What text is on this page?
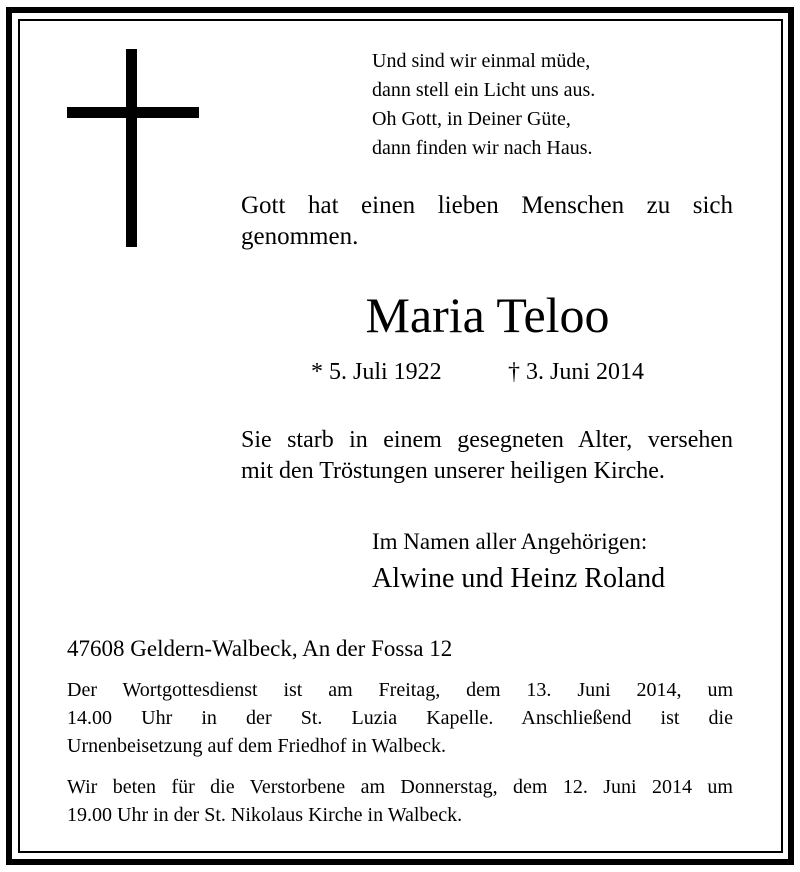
Und sind wir einmal müde,
dann stell ein Licht uns aus.
Oh Gott, in Deiner Güte,
dann finden wir nach Haus.
Gott hat einen lieben Menschen zu sich genommen.
Maria Teloo
* 5. Juli 1922	† 3. Juni 2014
Sie starb in einem gesegneten Alter, versehen
mit den Tröstungen unserer heiligen Kirche.
Im Namen aller Angehörigen:
Alwine und Heinz Roland
47608 Geldern-Walbeck, An der Fossa 12
Der Wortgottesdienst ist am Freitag, dem 13. Juni 2014, um
14.00 Uhr in der St. Luzia Kapelle. Anschließend ist die
Urnenbeisetzung auf dem Friedhof in Walbeck.
Wir beten für die Verstorbene am Donnerstag, dem 12. Juni 2014 um
19.00 Uhr in der St. Nikolaus Kirche in Walbeck.
